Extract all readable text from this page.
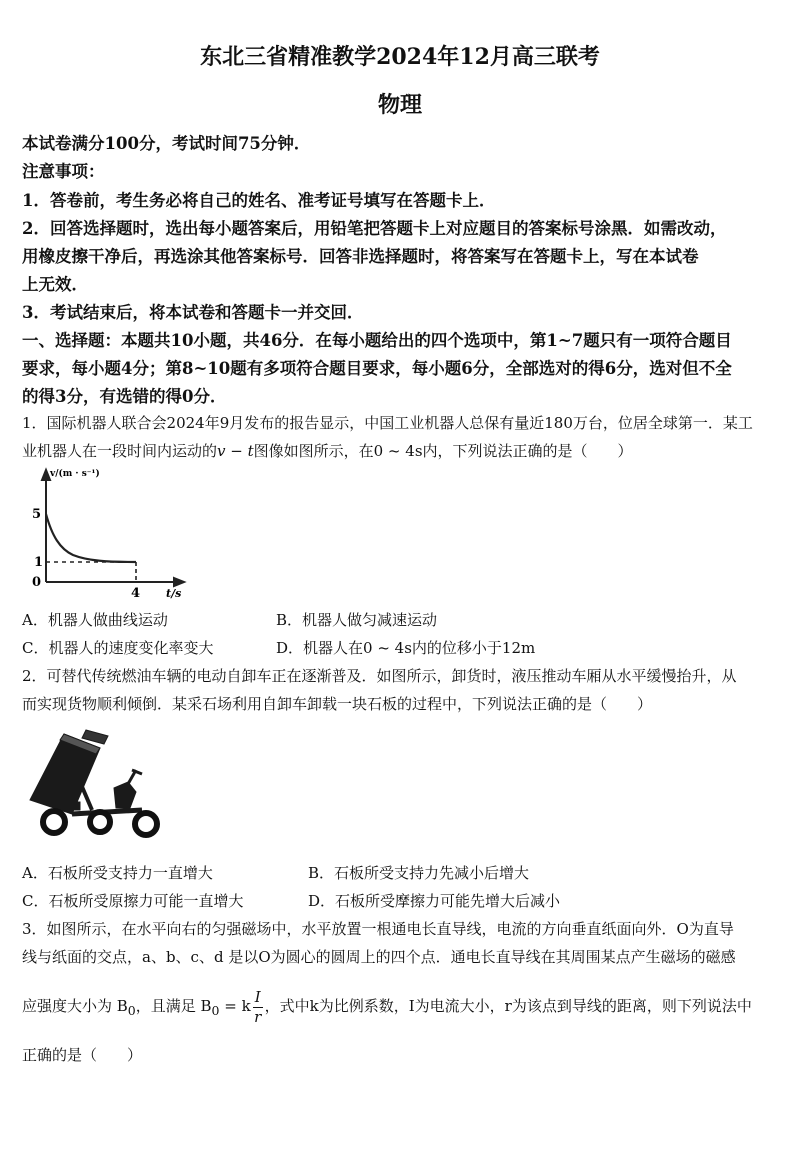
东北三省精准教学2024年12月高三联考
物理
本试卷满分100分，考试时间75分钟．
注意事项：
1．答卷前，考生务必将自己的姓名、准考证号填写在答题卡上．
2．回答选择题时，选出每小题答案后，用铅笔把答题卡上对应题目的答案标号涂黑．如需改动，
用橡皮擦干净后，再选涂其他答案标号．回答非选择题时，将答案写在答题卡上，写在本试卷
上无效．
3．考试结束后，将本试卷和答题卡一并交回．
一、选择题：本题共10小题，共46分．在每小题给出的四个选项中，第1~7题只有一项符合题目
要求，每小题4分；第8~10题有多项符合题目要求，每小题6分，全部选对的得6分，选对但不全
的得3分，有选错的得0分．
1．国际机器人联合会2024年9月发布的报告显示，中国工业机器人总保有量近180万台，位居全球第一．某工
业机器人在一段时间内运动的v − t图像如图所示，在0 ~ 4s内，下列说法正确的是（　　）
v/(m · s⁻¹)
5
1
0
4 t/s
A．机器人做曲线运动	B．机器人做匀减速运动
C．机器人的速度变化率变大	D．机器人在0 ~ 4s内的位移小于12m
2．可替代传统燃油车辆的电动自卸车正在逐渐普及．如图所示，卸货时，液压推动车厢从水平缓慢抬升，从
而实现货物顺利倾倒．某采石场利用自卸车卸载一块石板的过程中，下列说法正确的是（　　）
A．石板所受支持力一直增大	B．石板所受支持力先减小后增大
C．石板所受原擦力可能一直增大	D．石板所受摩擦力可能先增大后减小
3．如图所示，在水平向右的匀强磁场中，水平放置一根通电长直导线，电流的方向垂直纸面向外．O为直导
线与纸面的交点，a、b、c、d 是以O为圆心的圆周上的四个点．通电长直导线在其周围某点产生磁场的磁感
应强度大小为 $B_0$，且满足 $B_0 = k \frac{I}{r}$ ，式中k为比例系数，I为电流大小，r为该点到导线的距离，则下列说法中
正确的是（　　）
